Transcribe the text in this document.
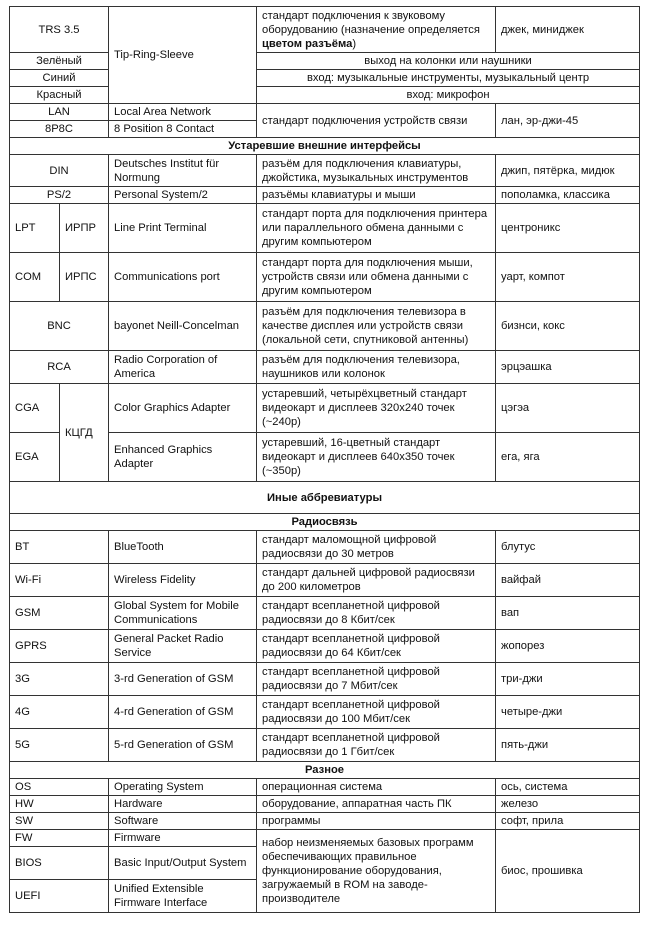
TRS 3.5		Tip-Ring-Sleeve	стандарт подключения к звуковому оборудованию (назначение определяется цветом разъёма)	джек, миниджек
Зелёный			выход на колонки или наушники	
Синий			вход: музыкальные инструменты, музыкальный центр	
Красный			вход: микрофон	
LAN		Local Area Network	стандарт подключения устройств связи	лан, эр-джи-45
8P8C		8 Position 8 Contact		
Устаревшие внешние интерфейсы				
DIN		Deutsches Institut für Normung	разъём для подключения клавиатуры, джойстика, музыкальных инструментов	джип, пятёрка, мидюк
PS/2		Personal System/2	разъёмы клавиатуры и мыши	пополамка, классика
LPT	ИРПР	Line Print Terminal	стандарт порта для подключения принтера или параллельного обмена данными с другим компьютером	центроникс
COM	ИРПС	Communications port	стандарт порта для подключения мыши, устройств связи или обмена данными с другим компьютером	уарт, компот
BNC		bayonet Neill-Concelman	разъём для подключения телевизора в качестве дисплея или устройств связи (локальной сети, спутниковой антенны)	бизнси, кокс
RCA		Radio Corporation of America	разъём для подключения телевизора, наушников или колонок	эрцэашка
CGA	КЦГД	Color Graphics Adapter	устаревший, четырёхцветный стандарт видеокарт и дисплеев 320x240 точек (~240р)	цэгэа
EGA		Enhanced Graphics Adapter	устаревший, 16-цветный стандарт видеокарт и дисплеев 640x350 точек (~350р)	ега, яга
Иные аббревиатуры				
Радиосвязь				
BT		BlueTooth	стандарт маломощной цифровой радиосвязи до 30 метров	блутус
Wi-Fi		Wireless Fidelity	стандарт дальней цифровой радиосвязи до 200 километров	вайфай
GSM		Global System for Mobile Communications	стандарт всепланетной цифровой радиосвязи до 8 Кбит/сек	вап
GPRS		General Packet Radio Service	стандарт всепланетной цифровой радиосвязи до 64 Кбит/сек	жопорез
3G		3-rd Generation of GSM	стандарт всепланетной цифровой радиосвязи до 7 Мбит/сек	три-джи
4G		4-rd Generation of GSM	стандарт всепланетной цифровой радиосвязи до 100 Мбит/сек	четыре-джи
5G		5-rd Generation of GSM	стандарт всепланетной цифровой радиосвязи до 1 Гбит/сек	пять-джи
Разное				
OS		Operating System	операционная система	ось, система
HW		Hardware	оборудование, аппаратная часть ПК	железо
SW		Software	программы	софт, прила
FW		Firmware	набор неизменяемых базовых программ обеспечивающих правильное функционирование оборудования, загружаемый в ROM на заводе-производителе	биос, прошивка
BIOS		Basic Input/Output System		
UEFI		Unified Extensible Firmware Interface		
